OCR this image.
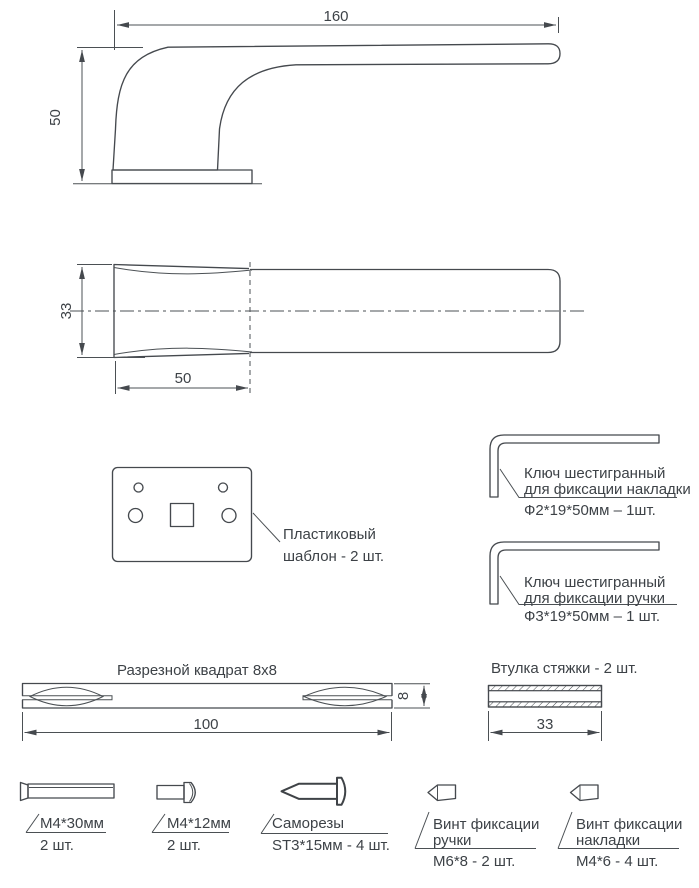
160
50
33
50
Пластиковый
шаблон - 2 шт.
Ключ шестигранный
для фиксации накладки
Ф2*19*50мм – 1шт.
Ключ шестигранный
для фиксации ручки
Ф3*19*50мм – 1 шт.
Разрезной квадрат 8x8
100
8
Втулка стяжки - 2 шт.
33
М4*30мм
2 шт.
М4*12мм
2 шт.
Саморезы
ST3*15мм - 4 шт.
Винт фиксации
ручки
М6*8 - 2 шт.
Винт фиксации
накладки
М4*6 - 4 шт.
